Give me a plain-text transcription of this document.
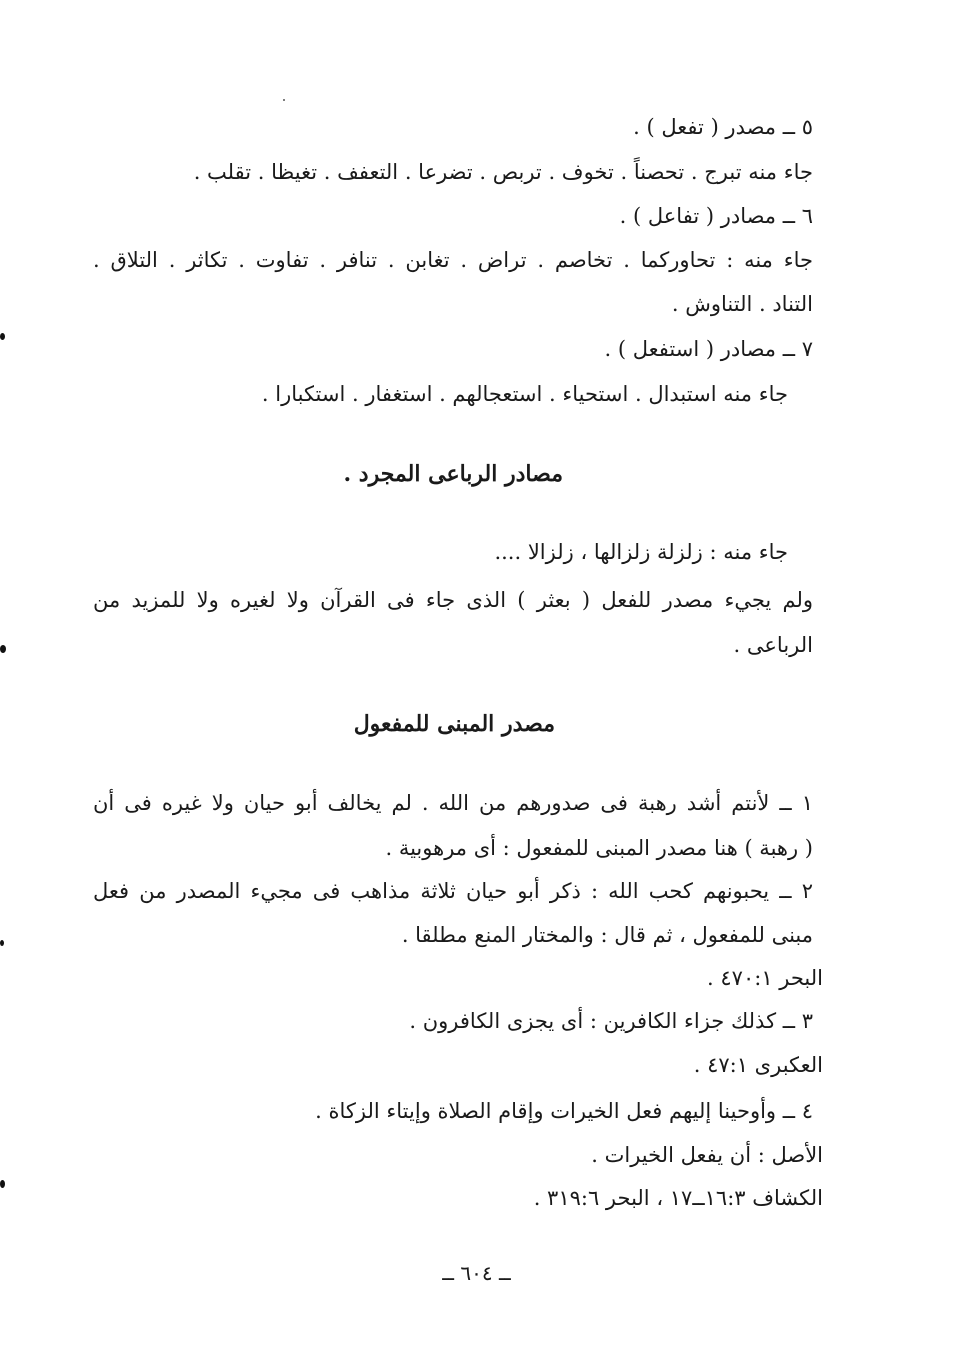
٥ ــ مصدر ( تفعل ) .
جاء منه تبرج . تحصناً . تخوف . تربص . تضرعا . التعفف . تغيظا . تقلب .
٦ ــ مصادر ( تفاعل ) .
جاء منه : تحاوركما . تخاصم . تراض . تغابن . تنافر . تفاوت . تكاثر . التلاق .
التناد . التناوش .
٧ ــ مصادر ( استفعل ) .
جاء منه استبدال . استحياء . استعجالهم . استغفار . استكبارا .
مصادر الرباعى المجرد .
جاء منه : زلزلة زلزالها ، زلزالا ....
ولم يجيء مصدر للفعل ( بعثر ) الذى جاء فى القرآن ولا لغيره ولا للمزيد من
الرباعى .
مصدر المبنى للمفعول
١ ــ لأنتم أشد رهبة فى صدورهم من الله . لم يخالف أبو حيان ولا غيره فى أن
( رهبة ) هنا مصدر المبنى للمفعول : أى مرهوبية .
٢ ــ يحبونهم كحب الله : ذكر أبو حيان ثلاثة مذاهب فى مجيء المصدر من فعل
مبنى للمفعول ، ثم قال : والمختار المنع مطلقا .
البحر ٤٧٠:١ .
٣ ــ كذلك جزاء الكافرين : أى يجزى الكافرون .
العكبرى ٤٧:١ .
٤ ــ وأوحينا إليهم فعل الخيرات وإقام الصلاة وإيتاء الزكاة .
الأصل : أن يفعل الخيرات .
الكشاف ١٦:٣ــ١٧ ، البحر ٣١٩:٦ .
ــ ٦٠٤ ــ
